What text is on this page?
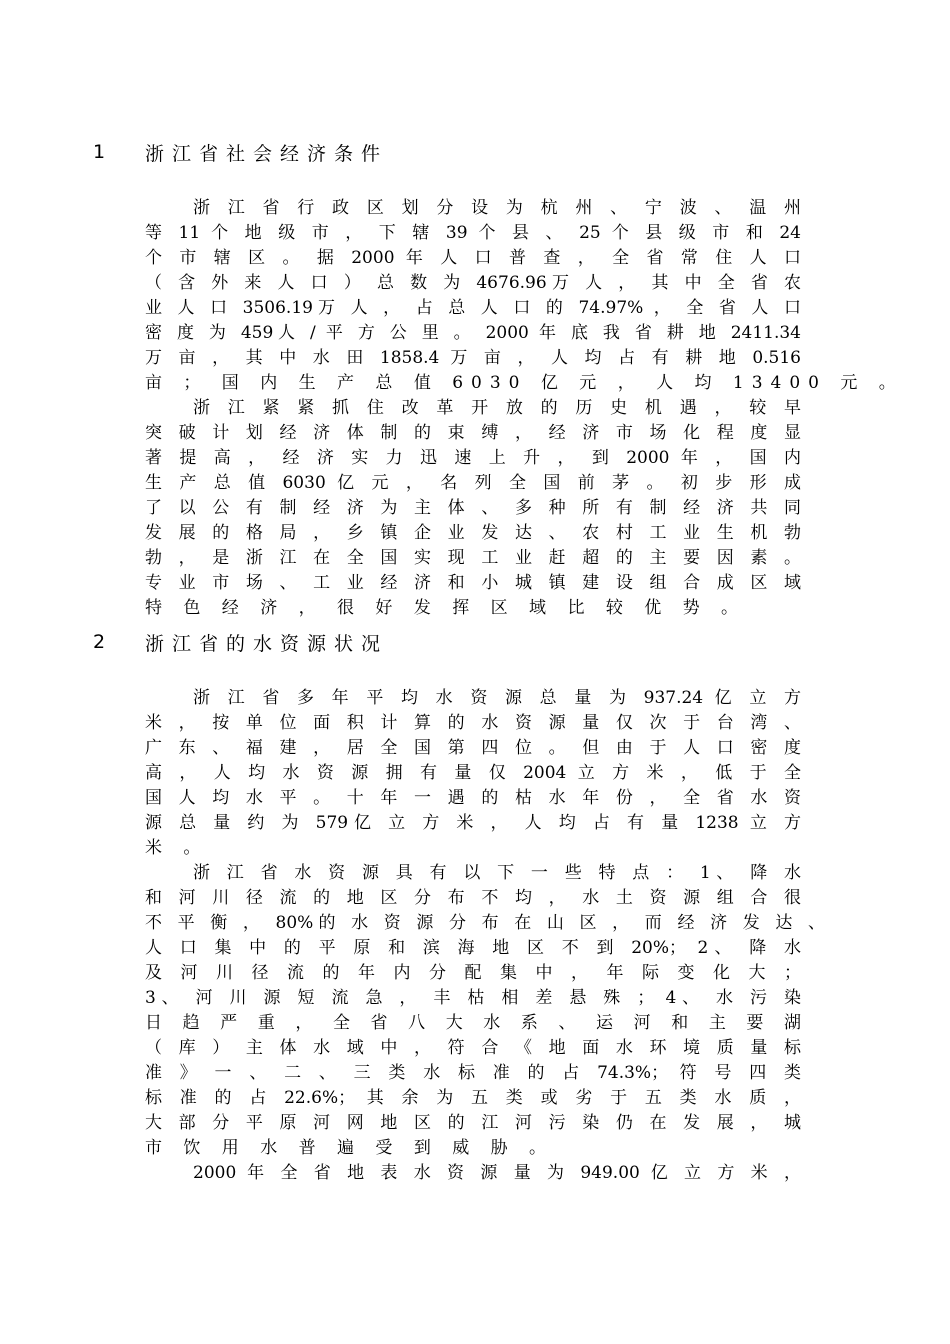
1	浙江省社会经济条件
浙 江 省 行 政 区 划 分 设 为 杭 州 、 宁 波 、 温 州
等 11 个 地 级 市 ， 下 辖 39 个 县 、 25 个 县 级 市 和 24
个 市 辖 区 。 据 2000 年 人 口 普 查 ， 全 省 常 住 人 口
（ 含 外 来 人 口 ） 总 数 为 4676.96万 人 ， 其 中 全 省 农
业 人 口 3506.19万 人 ， 占 总 人 口 的 74.97% ， 全 省 人 口
密 度 为 459人 / 平 方 公 里 。 2000 年 底 我 省 耕 地 2411.34
万 亩 ， 其 中 水 田 1858.4 万 亩 ， 人 均 占 有 耕 地 0.516
亩 ； 国 内 生 产 总 值 6030 亿 元 ， 人 均 13400 元 。
浙 江 紧 紧 抓 住 改 革 开 放 的 历 史 机 遇 ， 较 早
突 破 计 划 经 济 体 制 的 束 缚 ， 经 济 市 场 化 程 度 显
著 提 高 ， 经 济 实 力 迅 速 上 升 ， 到 2000 年 ， 国 内
生 产 总 值 6030 亿 元 ， 名 列 全 国 前 茅 。 初 步 形 成
了 以 公 有 制 经 济 为 主 体 、 多 种 所 有 制 经 济 共 同
发 展 的 格 局 ， 乡 镇 企 业 发 达 、 农 村 工 业 生 机 勃
勃 ， 是 浙 江 在 全 国 实 现 工 业 赶 超 的 主 要 因 素 。
专 业 市 场 、 工 业 经 济 和 小 城 镇 建 设 组 合 成 区 域
特 色 经 济 ， 很 好 发 挥 区 域 比 较 优 势 。
2	浙江省的水资源状况
浙 江 省 多 年 平 均 水 资 源 总 量 为 937.24 亿 立 方
米 ， 按 单 位 面 积 计 算 的 水 资 源 量 仅 次 于 台 湾 、
广 东 、 福 建 ， 居 全 国 第 四 位 。 但 由 于 人 口 密 度
高 ， 人 均 水 资 源 拥 有 量 仅 2004 立 方 米 ， 低 于 全
国 人 均 水 平 。 十 年 一 遇 的 枯 水 年 份 ， 全 省 水 资
源 总 量 约 为 579亿 立 方 米 ， 人 均 占 有 量 1238 立 方
米 。
浙 江 省 水 资 源 具 有 以 下 一 些 特 点 ： 1、 降 水
和 河 川 径 流 的 地 区 分 布 不 均 ， 水 土 资 源 组 合 很
不 平 衡 ， 80%的 水 资 源 分 布 在 山 区 ， 而 经 济 发 达 、
人 口 集 中 的 平 原 和 滨 海 地 区 不 到 20%； 2、 降 水
及 河 川 径 流 的 年 内 分 配 集 中 ， 年 际 变 化 大 ；
3、 河 川 源 短 流 急 ， 丰 枯 相 差 悬 殊 ； 4、 水 污 染
日 趋 严 重 ， 全 省 八 大 水 系 、 运 河 和 主 要 湖
（ 库 ） 主 体 水 域 中 ， 符 合 《 地 面 水 环 境 质 量 标
准 》 一 、 二 、 三 类 水 标 准 的 占 74.3%； 符 号 四 类
标 准 的 占 22.6%； 其 余 为 五 类 或 劣 于 五 类 水 质 ，
大 部 分 平 原 河 网 地 区 的 江 河 污 染 仍 在 发 展 ， 城
市 饮 用 水 普 遍 受 到 威 胁 。
2000 年 全 省 地 表 水 资 源 量 为 949.00 亿 立 方 米 ，
